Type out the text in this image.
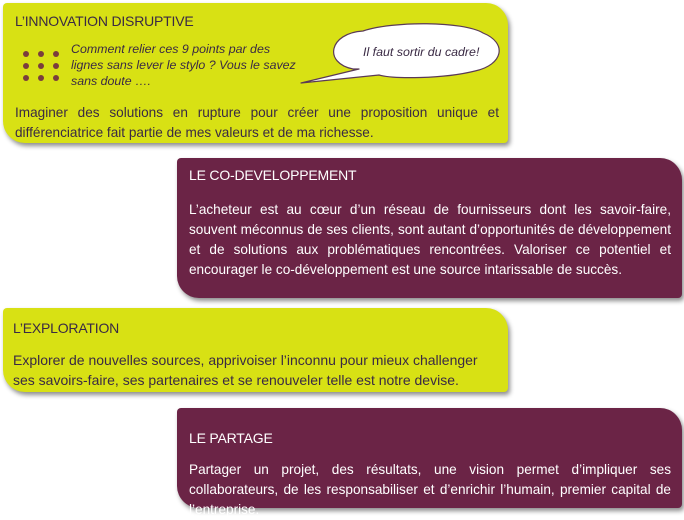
L’INNOVATION DISRUPTIVE
Comment relier ces 9 points par des lignes sans lever le stylo ? Vous le savez sans doute ….
Il faut sortir du cadre!
Imaginer des solutions en rupture pour créer une proposition unique et différenciatrice fait partie de mes valeurs et de ma richesse.
LE CO-DEVELOPPEMENT
L’acheteur est au cœur d’un réseau de fournisseurs dont les savoir-faire, souvent méconnus de ses clients, sont autant d’opportunités de développement et de solutions aux problématiques rencontrées. Valoriser ce potentiel et encourager le co-développement est une source intarissable de succès.
L’EXPLORATION
Explorer de nouvelles sources, apprivoiser l’inconnu pour mieux challenger ses savoirs-faire, ses partenaires et se renouveler telle est notre devise.
LE PARTAGE
Partager un projet, des résultats, une vision permet d’impliquer ses collaborateurs, de les responsabiliser et d’enrichir l’humain, premier capital de l’entreprise.
